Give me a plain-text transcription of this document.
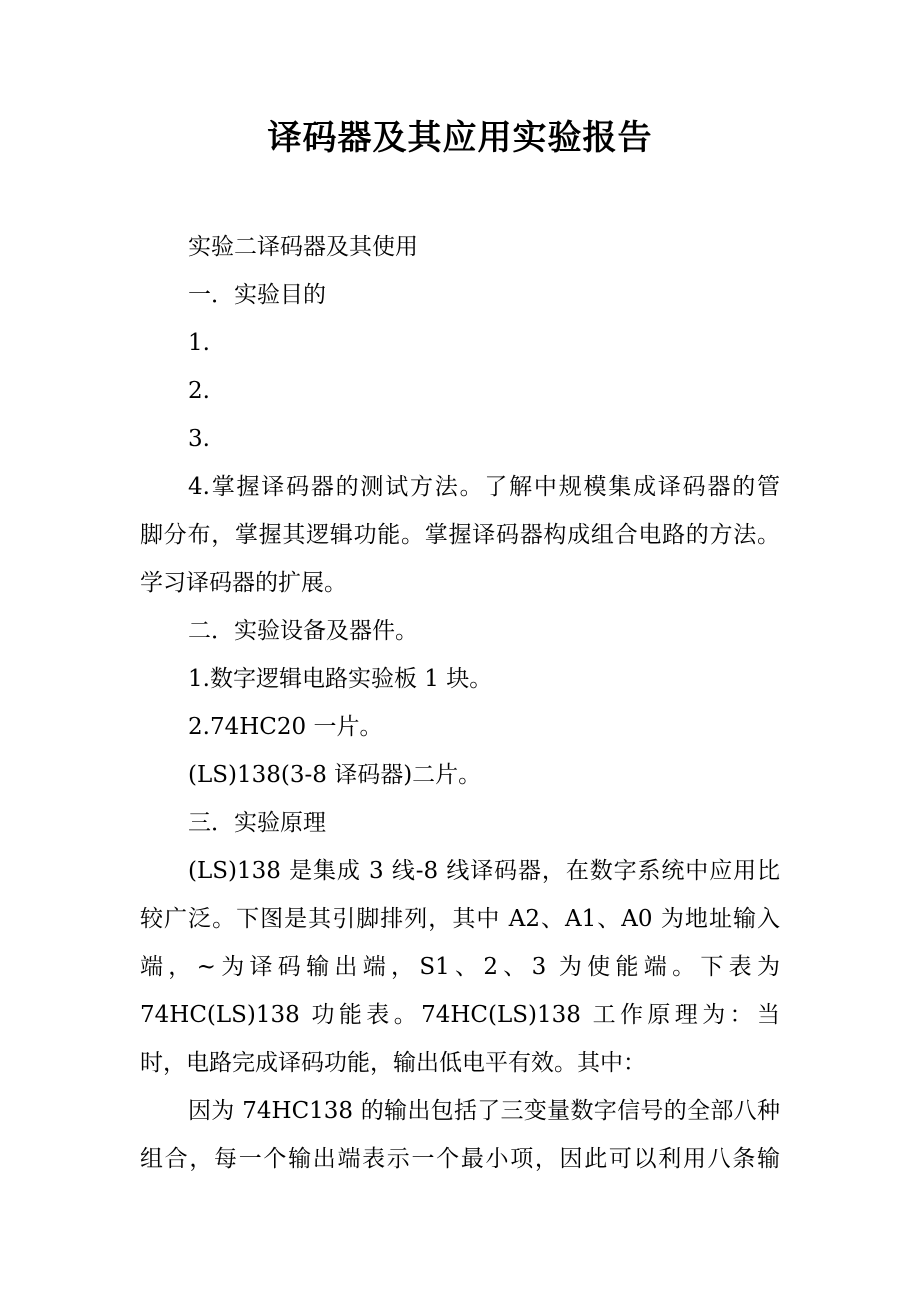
译码器及其应用实验报告
实验二译码器及其使用
一．实验目的
1.
2.
3.
4.掌握译码器的测试方法。了解中规模集成译码器的管
脚分布，掌握其逻辑功能。掌握译码器构成组合电路的方法。
学习译码器的扩展。
二．实验设备及器件。
1.数字逻辑电路实验板 1 块。
2.74HC20 一片。
(LS)138(3-8 译码器)二片。
三．实验原理
(LS)138 是集成 3 线-8 线译码器，在数字系统中应用比
较广泛。下图是其引脚排列，其中 A2、A1、A0 为地址输入
端，~为译码输出端，S1、2、3 为使能端。下表为
74HC(LS)138 功能表。74HC(LS)138 工作原理为：当
时，电路完成译码功能，输出低电平有效。其中：
因为 74HC138 的输出包括了三变量数字信号的全部八种
组合，每一个输出端表示一个最小项，因此可以利用八条输
